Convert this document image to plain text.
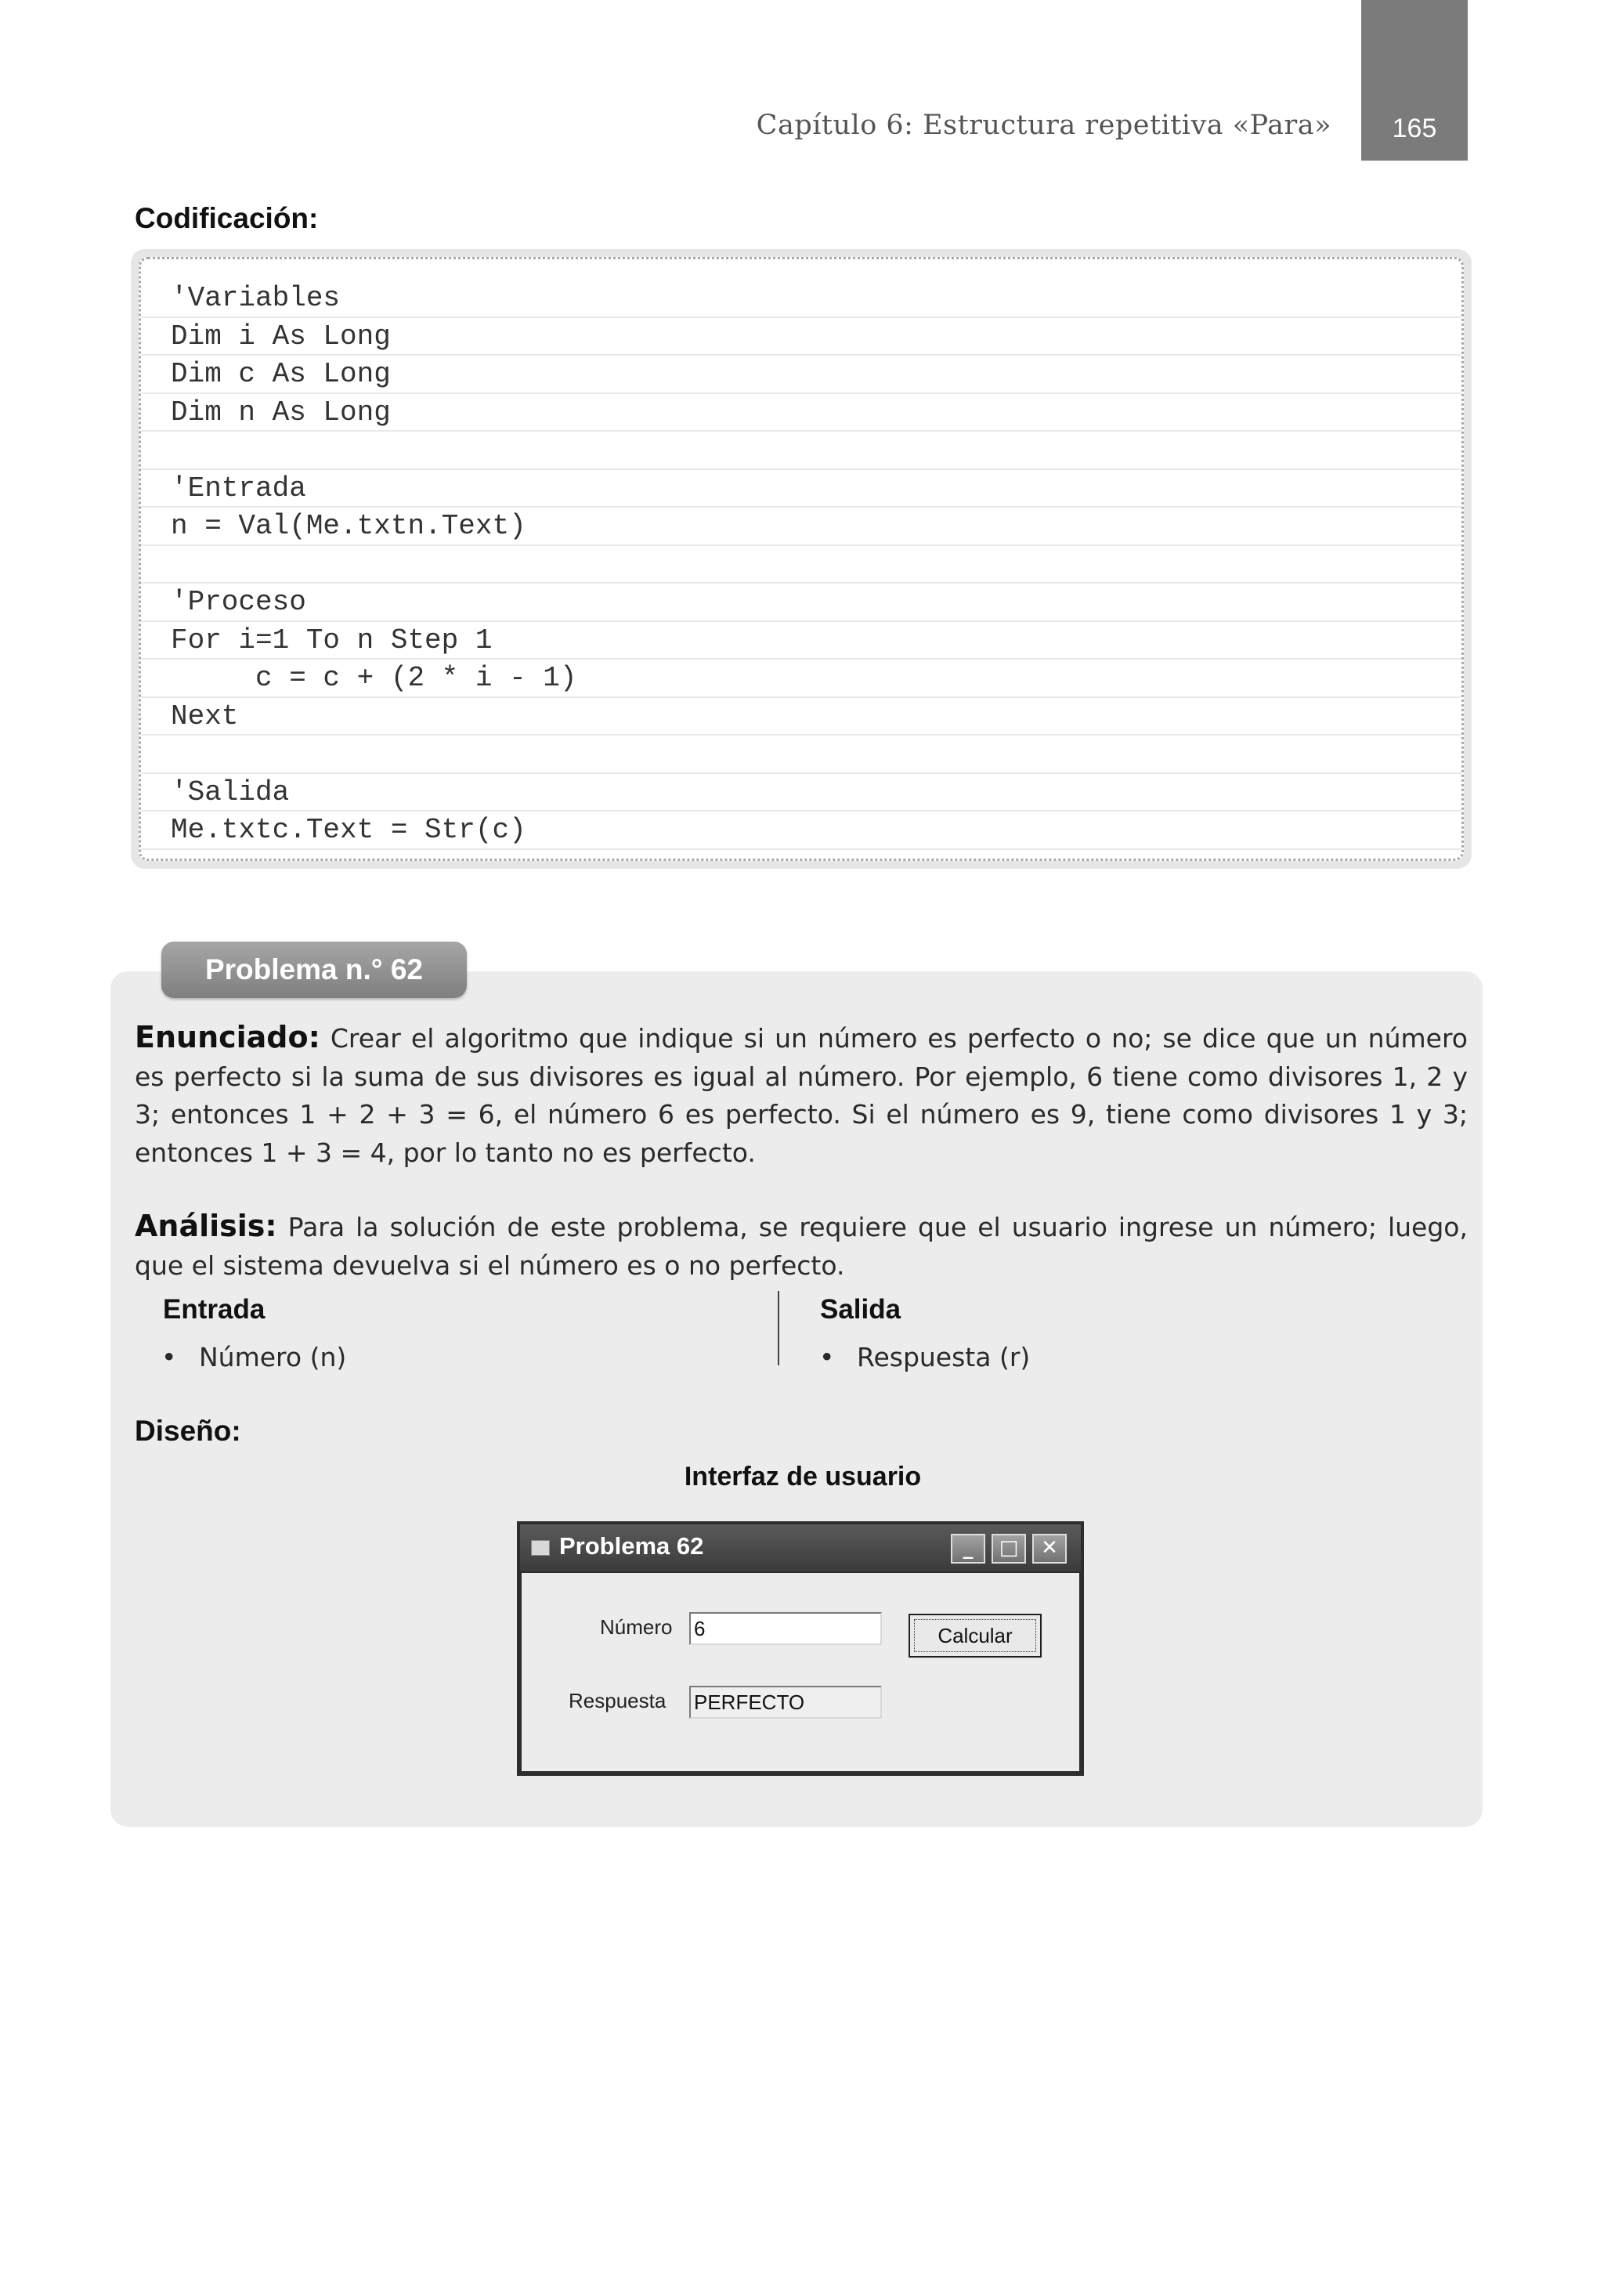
165
Capítulo 6: Estructura repetitiva «Para»
Codificación:
'Variables
Dim i As Long
Dim c As Long
Dim n As Long
'Entrada
n = Val(Me.txtn.Text)
'Proceso
For i=1 To n Step 1
c = c + (2 * i - 1)
Next
'Salida
Me.txtc.Text = Str(c)
Problema n.° 62
Enunciado: Crear el algoritmo que indique si un número es perfecto o no; se dice que un número es perfecto si la suma de sus divisores es igual al número. Por ejemplo, 6 tiene como divisores 1, 2 y 3; entonces 1 + 2 + 3 = 6, el número 6 es perfecto. Si el número es 9, tiene como divisores 1 y 3; entonces 1 + 3 = 4, por lo tanto no es perfecto.
Análisis: Para la solución de este problema, se requiere que el usuario ingrese un número; luego, que el sistema devuelva si el número es o no perfecto.
Entrada
• Número (n)
Salida
• Respuesta (r)
Diseño:
Interfaz de usuario
Problema 62	_	□	✕
Número 6	Calcular
Respuesta PERFECTO
